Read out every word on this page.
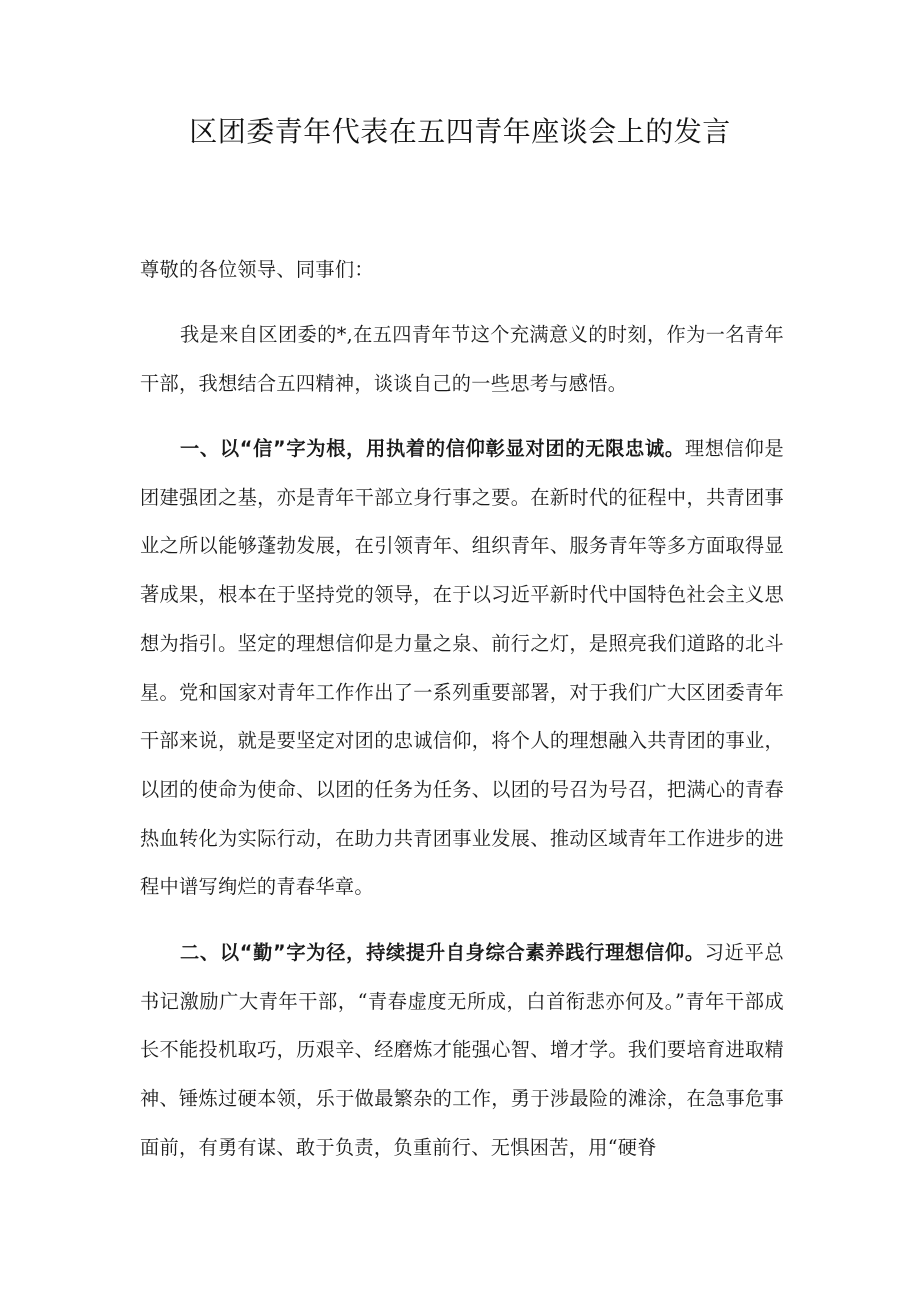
区团委青年代表在五四青年座谈会上的发言

尊敬的各位领导、同事们：

我是来自区团委的*,在五四青年节这个充满意义的时刻，作为一名青年干部，我想结合五四精神，谈谈自己的一些思考与感悟。

一、以“信”字为根，用执着的信仰彰显对团的无限忠诚。理想信仰是团建强团之基，亦是青年干部立身行事之要。在新时代的征程中，共青团事业之所以能够蓬勃发展，在引领青年、组织青年、服务青年等多方面取得显著成果，根本在于坚持党的领导，在于以习近平新时代中国特色社会主义思想为指引。坚定的理想信仰是力量之泉、前行之灯，是照亮我们道路的北斗星。党和国家对青年工作作出了一系列重要部署，对于我们广大区团委青年干部来说，就是要坚定对团的忠诚信仰，将个人的理想融入共青团的事业，以团的使命为使命、以团的任务为任务、以团的号召为号召，把满心的青春热血转化为实际行动，在助力共青团事业发展、推动区域青年工作进步的进程中谱写绚烂的青春华章。

二、以“勤”字为径，持续提升自身综合素养践行理想信仰。习近平总书记激励广大青年干部，“青春虚度无所成，白首衔悲亦何及。”青年干部成长不能投机取巧，历艰辛、经磨炼才能强心智、增才学。我们要培育进取精神、锤炼过硬本领，乐于做最繁杂的工作，勇于涉最险的滩涂，在急事危事面前，有勇有谋、敢于负责，负重前行、无惧困苦，用“硬脊
